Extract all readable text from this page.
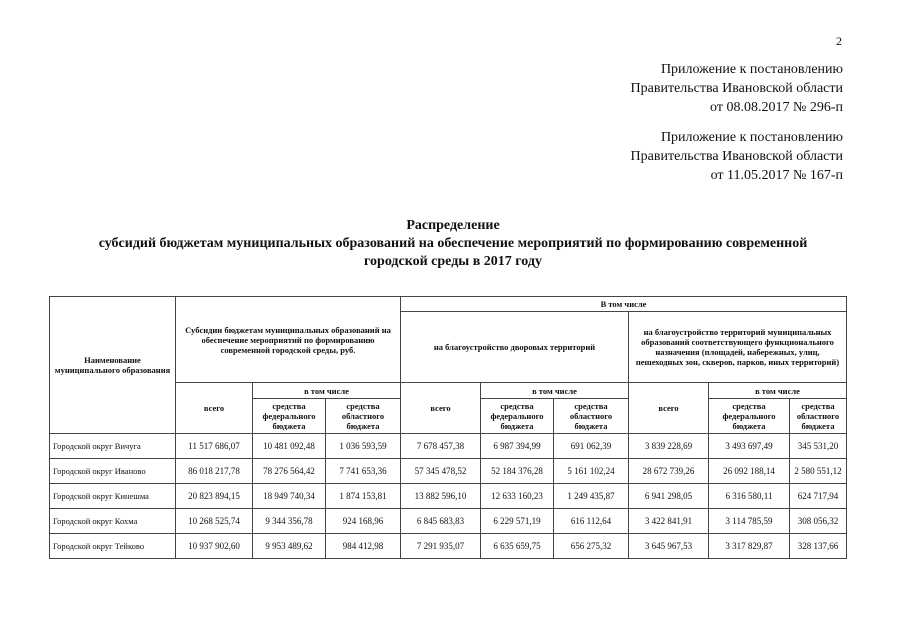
2
Приложение к постановлению
Правительства Ивановской области
от 08.08.2017 № 296-п
Приложение к постановлению
Правительства Ивановской области
от 11.05.2017 № 167-п
Распределение
субсидий бюджетам муниципальных образований на обеспечение мероприятий по формированию современной
городской среды в 2017 году
Наименование муниципального образования	Субсидии бюджетам муниципальных образований на обеспечение мероприятий по формированию современной городской среды, руб.			В том числе					
				на благоустройство дворовых территорий			на благоустройство территорий муниципальных образований соответствующего функционального назначения (площадей, набережных, улиц, пешеходных зон, скверов, парков, иных территорий)		
	всего	в том числе		всего	в том числе		всего	в том числе	
		средства федерального бюджета	средства областного бюджета		средства федерального бюджета	средства областного бюджета		средства федерального бюджета	средства областного бюджета
Городской округ Вичуга	11 517 686,07	10 481 092,48	1 036 593,59	7 678 457,38	6 987 394,99	691 062,39	3 839 228,69	3 493 697,49	345 531,20
Городской округ Иваново	86 018 217,78	78 276 564,42	7 741 653,36	57 345 478,52	52 184 376,28	5 161 102,24	28 672 739,26	26 092 188,14	2 580 551,12
Городской округ Кинешма	20 823 894,15	18 949 740,34	1 874 153,81	13 882 596,10	12 633 160,23	1 249 435,87	6 941 298,05	6 316 580,11	624 717,94
Городской округ Кохма	10 268 525,74	9 344 356,78	924 168,96	6 845 683,83	6 229 571,19	616 112,64	3 422 841,91	3 114 785,59	308 056,32
Городской округ Тейково	10 937 902,60	9 953 489,62	984 412,98	7 291 935,07	6 635 659,75	656 275,32	3 645 967,53	3 317 829,87	328 137,66
